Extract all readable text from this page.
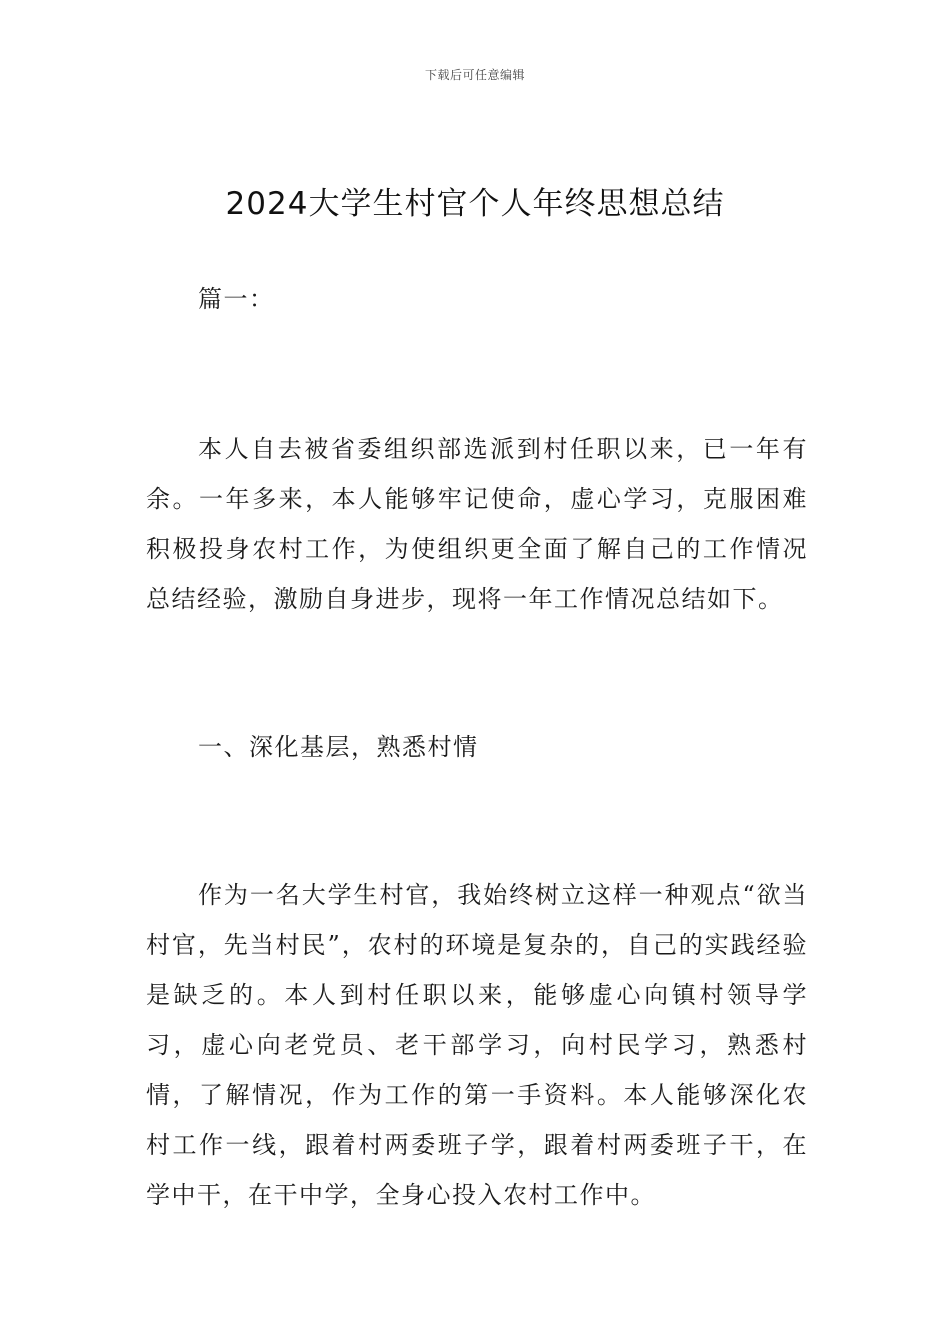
下载后可任意编辑
2024大学生村官个人年终思想总结
篇一：
本人自去被省委组织部选派到村任职以来，已一年有余。一年多来，本人能够牢记使命，虚心学习，克服困难积极投身农村工作，为使组织更全面了解自己的工作情况总结经验，激励自身进步，现将一年工作情况总结如下。
一、深化基层，熟悉村情
作为一名大学生村官，我始终树立这样一种观点“欲当村官，先当村民”，农村的环境是复杂的，自己的实践经验是缺乏的。本人到村任职以来，能够虚心向镇村领导学习，虚心向老党员、老干部学习，向村民学习，熟悉村情，了解情况，作为工作的第一手资料。本人能够深化农村工作一线，跟着村两委班子学，跟着村两委班子干，在学中干，在干中学，全身心投入农村工作中。
